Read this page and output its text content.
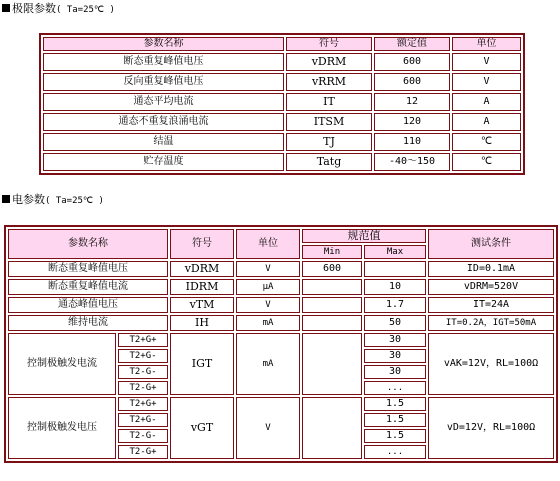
极限参数( Ta=25℃ )
参数名称	符号	额定值	单位
断态重复峰值电压	vDRM	600	V
反向重复峰值电压	vRRM	600	V
通态平均电流	IT	12	A
通态不重复浪涌电流	ITSM	120	A
结温	TJ	110	℃
贮存温度	Tatg	-40～150	℃
电参数( Ta=25℃ )
参数名称		符号	单位	规范值		测试条件
				Min	Max	
断态重复峰值电压		vDRM	V	600		ID=0.1mA
断态重复峰值电流		IDRM	μA		10	vDRM=520V
通态峰值电压		vTM	V		1.7	IT=24A
维持电流		IH	mA		50	IT=0.2A，IGT=50mA
控制极触发电流	T2+G+	IGT	mA		30	vAK=12V，RL=100Ω
	T2+G-				30	
	T2-G-				30	
	T2-G+				...	
控制极触发电压	T2+G+	vGT	V		1.5	vD=12V，RL=100Ω
	T2+G-				1.5	
	T2-G-				1.5	
	T2-G+				...	
